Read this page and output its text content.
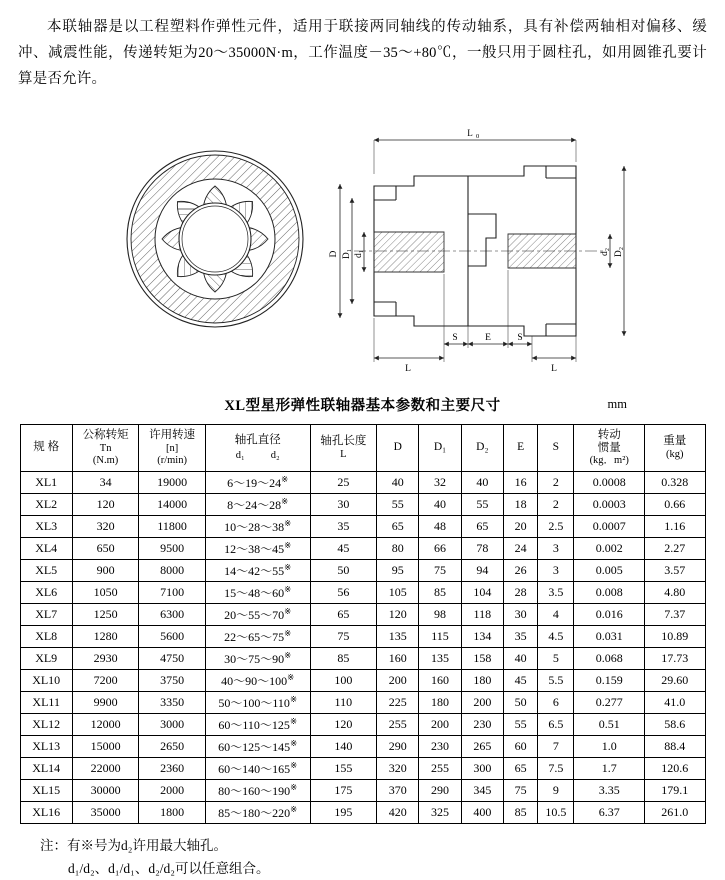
本联轴器是以工程塑料作弹性元件，适用于联接两同轴线的传动轴系，具有补偿两轴相对偏移、缓冲、减震性能，传递转矩为20～35000N·m，工作温度－35～+80℃，一般只用于圆柱孔，如用圆锥孔要计算是否允许。

L 0
D D₁ d₁	d₂ D₂
L
S	E	S
L
XL型星形弹性联轴器基本参数和主要尺寸	mm
规 格	
公称转矩
Tn
(N.m)

许用转速
[n]
(r/min)

轴孔直径
d₁ d₂

轴孔长度
L
	D	D₁	D₂	E	S	
转动
惯量
(kg．m²)

重量
(kg)

XL1	34	19000	6～19～24※	25	40	32	40	16	2	0.0008	0.328
XL2	120	14000	8～24～28※	30	55	40	55	18	2	0.0003	0.66
XL3	320	11800	10～28～38※	35	65	48	65	20	2.5	0.0007	1.16
XL4	650	9500	12～38～45※	45	80	66	78	24	3	0.002	2.27
XL5	900	8000	14～42～55※	50	95	75	94	26	3	0.005	3.57
XL6	1050	7100	15～48～60※	56	105	85	104	28	3.5	0.008	4.80
XL7	1250	6300	20～55～70※	65	120	98	118	30	4	0.016	7.37
XL8	1280	5600	22～65～75※	75	135	115	134	35	4.5	0.031	10.89
XL9	2930	4750	30～75～90※	85	160	135	158	40	5	0.068	17.73
XL10	7200	3750	40～90～100※	100	200	160	180	45	5.5	0.159	29.60
XL11	9900	3350	50～100～110※	110	225	180	200	50	6	0.277	41.0
XL12	12000	3000	60～110～125※	120	255	200	230	55	6.5	0.51	58.6
XL13	15000	2650	60～125～145※	140	290	230	265	60	7	1.0	88.4
XL14	22000	2360	60～140～165※	155	320	255	300	65	7.5	1.7	120.6
XL15	30000	2000	80～160～190※	175	370	290	345	75	9	3.35	179.1
XL16	35000	1800	85～180～220※	195	420	325	400	85	10.5	6.37	261.0
注：有※号为d₂许用最大轴孔。
d₁/d₂、d₁/d₁、d₂/d₂可以任意组合。
